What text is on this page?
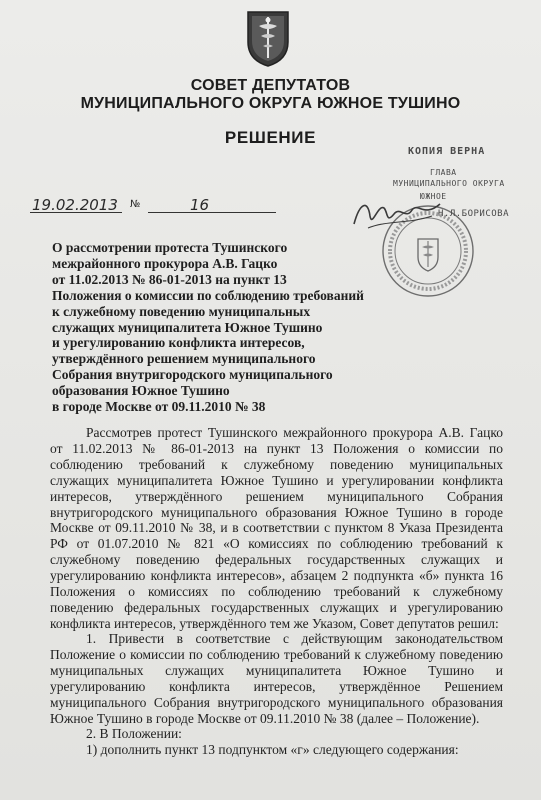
СОВЕТ ДЕПУТАТОВ
МУНИЦИПАЛЬНОГО ОКРУГА ЮЖНОЕ ТУШИНО
РЕШЕНИЕ
19.02.2013 №	16
КОПИЯ ВЕРНА
ГЛАВА
МУНИЦИПАЛЬНОГО ОКРУГА
ЮЖНОЕ
Н.Л.БОРИСОВА
О рассмотрении протеста Тушинского
межрайонного прокурора А.В. Гацко
от 11.02.2013 № 86-01-2013 на пункт 13
Положения о комиссии по соблюдению требований
к служебному поведению муниципальных
служащих муниципалитета Южное Тушино
и урегулированию конфликта интересов,
утверждённого решением муниципального
Собрания внутригородского муниципального
образования Южное Тушино
в городе Москве от 09.11.2010 № 38
Рассмотрев протест Тушинского межрайонного прокурора А.В. Гацко
от 11.02.2013 № 86-01-2013 на пункт 13 Положения о комиссии по
соблюдению требований к служебному поведению муниципальных
служащих муниципалитета Южное Тушино и урегулировании конфликта
интересов, утверждённого решением муниципального Собрания
внутригородского муниципального образования Южное Тушино в городе
Москве от 09.11.2010 № 38, и в соответствии с пунктом 8 Указа Президента
РФ от 01.07.2010 № 821 «О комиссиях по соблюдению требований к
служебному поведению федеральных государственных служащих и
урегулированию конфликта интересов», абзацем 2 подпункта «б» пункта 16
Положения о комиссиях по соблюдению требований к служебному
поведению федеральных государственных служащих и урегулированию
конфликта интересов, утверждённого тем же Указом, Совет депутатов решил:
1. Привести в соответствие с действующим законодательством
Положение о комиссии по соблюдению требований к служебному поведению
муниципальных служащих муниципалитета Южное Тушино и
урегулированию конфликта интересов, утверждённое Решением
муниципального Собрания внутригородского муниципального образования
Южное Тушино в городе Москве от 09.11.2010 № 38 (далее – Положение).
2. В Положении:
1) дополнить пункт 13 подпунктом «г» следующего содержания:
